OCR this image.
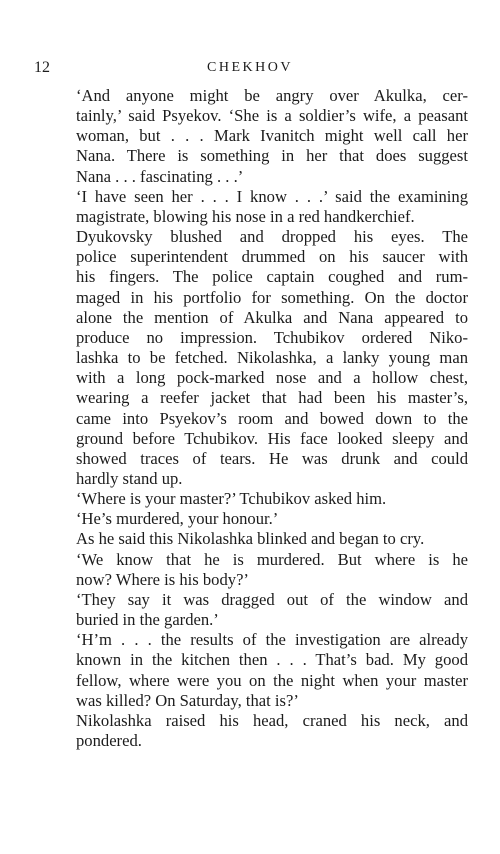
12	CHEKHOV
‘And anyone might be angry over Akulka, cer-
tainly,’ said Psyekov. ‘She is a soldier’s wife, a peasant
woman, but . . . Mark Ivanitch might well call her
Nana. There is something in her that does suggest
Nana . . . fascinating . . .’
‘I have seen her . . . I know . . .’ said the examining
magistrate, blowing his nose in a red handkerchief.
Dyukovsky blushed and dropped his eyes. The
police superintendent drummed on his saucer with
his fingers. The police captain coughed and rum-
maged in his portfolio for something. On the doctor
alone the mention of Akulka and Nana appeared to
produce no impression. Tchubikov ordered Niko-
lashka to be fetched. Nikolashka, a lanky young man
with a long pock-marked nose and a hollow chest,
wearing a reefer jacket that had been his master’s,
came into Psyekov’s room and bowed down to the
ground before Tchubikov. His face looked sleepy and
showed traces of tears. He was drunk and could
hardly stand up.
‘Where is your master?’ Tchubikov asked him.
‘He’s murdered, your honour.’
As he said this Nikolashka blinked and began to cry.
‘We know that he is murdered. But where is he
now? Where is his body?’
‘They say it was dragged out of the window and
buried in the garden.’
‘H’m . . . the results of the investigation are already
known in the kitchen then . . . That’s bad. My good
fellow, where were you on the night when your master
was killed? On Saturday, that is?’
Nikolashka raised his head, craned his neck, and
pondered.
